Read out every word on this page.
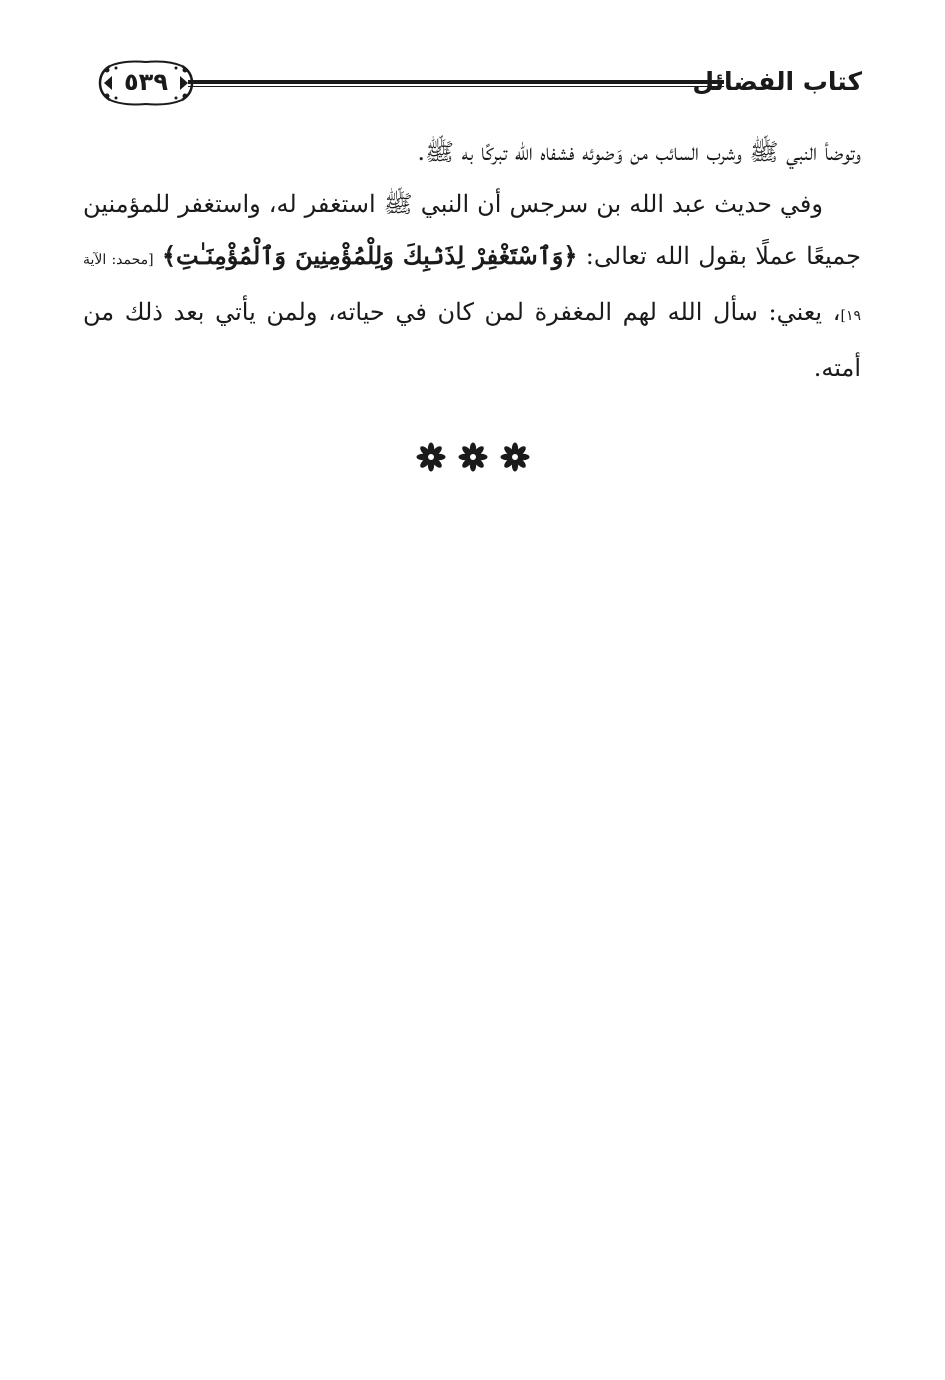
كتاب الفضائل
٥٣٩

وتوضأ النبي ﷺ وشرب السائب من وَضوئه فشفاه الله تبركًا به ﷺ.

وفي حديث عبد الله بن سرجس أن النبي ﷺ استغفر له، واستغفر للمؤمنين جميعًا عملًا بقول الله تعالى: ﴿وَٱسْتَغْفِرْ لِذَنۢبِكَ وَلِلْمُؤْمِنِينَ وَٱلْمُؤْمِنَـٰتِ﴾ [محمد: الآية ١٩]، يعني: سأل الله لهم المغفرة لمن كان في حياته، ولمن يأتي بعد ذلك من أمته.
